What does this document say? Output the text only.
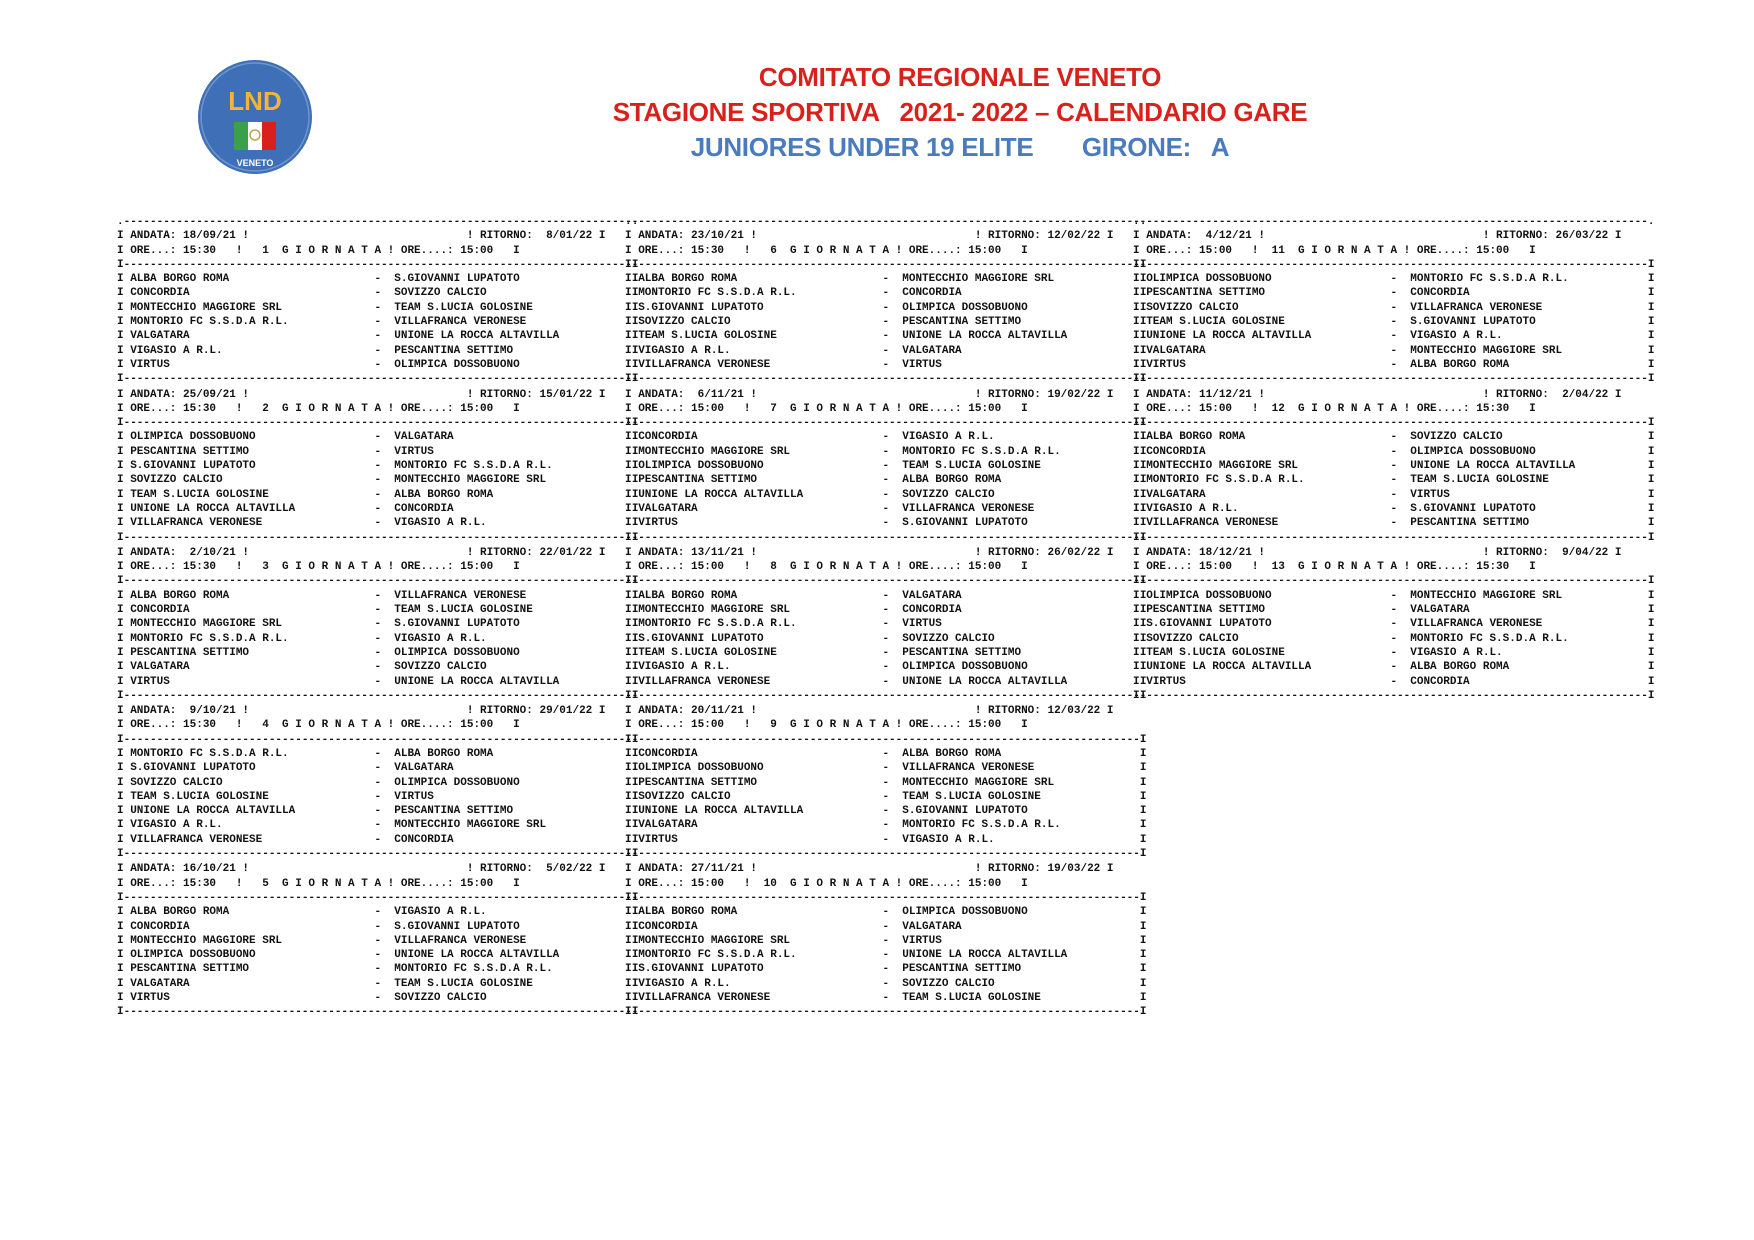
LND
VENETO
COMITATO REGIONALE VENETO
STAGIONE SPORTIVA   2021- 2022 – CALENDARIO GARE
JUNIORES UNDER 19 ELITE       GIRONE:   A
.-----------------------------------------------------------------------------.
I ANDATA: 18/09/21 !                                 ! RITORNO:  8/01/22 I
I ORE...: 15:30   !   1  G I O R N A T A ! ORE....: 15:00   I
I-----------------------------------------------------------------------------I
I ALBA BORGO ROMA                      -  S.GIOVANNI LUPATOTO                 I
I CONCORDIA                            -  SOVIZZO CALCIO                      I
I MONTECCHIO MAGGIORE SRL              -  TEAM S.LUCIA GOLOSINE               I
I MONTORIO FC S.S.D.A R.L.             -  VILLAFRANCA VERONESE                I
I VALGATARA                            -  UNIONE LA ROCCA ALTAVILLA           I
I VIGASIO A R.L.                       -  PESCANTINA SETTIMO                  I
I VIRTUS                               -  OLIMPICA DOSSOBUONO                 I
I-----------------------------------------------------------------------------I
I ANDATA: 25/09/21 !                                 ! RITORNO: 15/01/22 I
I ORE...: 15:30   !   2  G I O R N A T A ! ORE....: 15:00   I
I-----------------------------------------------------------------------------I
I OLIMPICA DOSSOBUONO                  -  VALGATARA                           I
I PESCANTINA SETTIMO                   -  VIRTUS                              I
I S.GIOVANNI LUPATOTO                  -  MONTORIO FC S.S.D.A R.L.            I
I SOVIZZO CALCIO                       -  MONTECCHIO MAGGIORE SRL             I
I TEAM S.LUCIA GOLOSINE                -  ALBA BORGO ROMA                     I
I UNIONE LA ROCCA ALTAVILLA            -  CONCORDIA                           I
I VILLAFRANCA VERONESE                 -  VIGASIO A R.L.                      I
I-----------------------------------------------------------------------------I
I ANDATA:  2/10/21 !                                 ! RITORNO: 22/01/22 I
I ORE...: 15:30   !   3  G I O R N A T A ! ORE....: 15:00   I
I-----------------------------------------------------------------------------I
I ALBA BORGO ROMA                      -  VILLAFRANCA VERONESE                I
I CONCORDIA                            -  TEAM S.LUCIA GOLOSINE               I
I MONTECCHIO MAGGIORE SRL              -  S.GIOVANNI LUPATOTO                 I
I MONTORIO FC S.S.D.A R.L.             -  VIGASIO A R.L.                      I
I PESCANTINA SETTIMO                   -  OLIMPICA DOSSOBUONO                 I
I VALGATARA                            -  SOVIZZO CALCIO                      I
I VIRTUS                               -  UNIONE LA ROCCA ALTAVILLA           I
I-----------------------------------------------------------------------------I
I ANDATA:  9/10/21 !                                 ! RITORNO: 29/01/22 I
I ORE...: 15:30   !   4  G I O R N A T A ! ORE....: 15:00   I
I-----------------------------------------------------------------------------I
I MONTORIO FC S.S.D.A R.L.             -  ALBA BORGO ROMA                     I
I S.GIOVANNI LUPATOTO                  -  VALGATARA                           I
I SOVIZZO CALCIO                       -  OLIMPICA DOSSOBUONO                 I
I TEAM S.LUCIA GOLOSINE                -  VIRTUS                              I
I UNIONE LA ROCCA ALTAVILLA            -  PESCANTINA SETTIMO                  I
I VIGASIO A R.L.                       -  MONTECCHIO MAGGIORE SRL             I
I VILLAFRANCA VERONESE                 -  CONCORDIA                           I
I-----------------------------------------------------------------------------I
I ANDATA: 16/10/21 !                                 ! RITORNO:  5/02/22 I
I ORE...: 15:30   !   5  G I O R N A T A ! ORE....: 15:00   I
I-----------------------------------------------------------------------------I
I ALBA BORGO ROMA                      -  VIGASIO A R.L.                      I
I CONCORDIA                            -  S.GIOVANNI LUPATOTO                 I
I MONTECCHIO MAGGIORE SRL              -  VILLAFRANCA VERONESE                I
I OLIMPICA DOSSOBUONO                  -  UNIONE LA ROCCA ALTAVILLA           I
I PESCANTINA SETTIMO                   -  MONTORIO FC S.S.D.A R.L.            I
I VALGATARA                            -  TEAM S.LUCIA GOLOSINE               I
I VIRTUS                               -  SOVIZZO CALCIO                      I
I-----------------------------------------------------------------------------I
.-----------------------------------------------------------------------------.
I ANDATA: 23/10/21 !                                 ! RITORNO: 12/02/22 I
I ORE...: 15:30   !   6  G I O R N A T A ! ORE....: 15:00   I
I-----------------------------------------------------------------------------I
I ALBA BORGO ROMA                      -  MONTECCHIO MAGGIORE SRL             I
I MONTORIO FC S.S.D.A R.L.             -  CONCORDIA                           I
I S.GIOVANNI LUPATOTO                  -  OLIMPICA DOSSOBUONO                 I
I SOVIZZO CALCIO                       -  PESCANTINA SETTIMO                  I
I TEAM S.LUCIA GOLOSINE                -  UNIONE LA ROCCA ALTAVILLA           I
I VIGASIO A R.L.                       -  VALGATARA                           I
I VILLAFRANCA VERONESE                 -  VIRTUS                              I
I-----------------------------------------------------------------------------I
I ANDATA:  6/11/21 !                                 ! RITORNO: 19/02/22 I
I ORE...: 15:00   !   7  G I O R N A T A ! ORE....: 15:00   I
I-----------------------------------------------------------------------------I
I CONCORDIA                            -  VIGASIO A R.L.                      I
I MONTECCHIO MAGGIORE SRL              -  MONTORIO FC S.S.D.A R.L.            I
I OLIMPICA DOSSOBUONO                  -  TEAM S.LUCIA GOLOSINE               I
I PESCANTINA SETTIMO                   -  ALBA BORGO ROMA                     I
I UNIONE LA ROCCA ALTAVILLA            -  SOVIZZO CALCIO                      I
I VALGATARA                            -  VILLAFRANCA VERONESE                I
I VIRTUS                               -  S.GIOVANNI LUPATOTO                 I
I-----------------------------------------------------------------------------I
I ANDATA: 13/11/21 !                                 ! RITORNO: 26/02/22 I
I ORE...: 15:00   !   8  G I O R N A T A ! ORE....: 15:00   I
I-----------------------------------------------------------------------------I
I ALBA BORGO ROMA                      -  VALGATARA                           I
I MONTECCHIO MAGGIORE SRL              -  CONCORDIA                           I
I MONTORIO FC S.S.D.A R.L.             -  VIRTUS                              I
I S.GIOVANNI LUPATOTO                  -  SOVIZZO CALCIO                      I
I TEAM S.LUCIA GOLOSINE                -  PESCANTINA SETTIMO                  I
I VIGASIO A R.L.                       -  OLIMPICA DOSSOBUONO                 I
I VILLAFRANCA VERONESE                 -  UNIONE LA ROCCA ALTAVILLA           I
I-----------------------------------------------------------------------------I
I ANDATA: 20/11/21 !                                 ! RITORNO: 12/03/22 I
I ORE...: 15:00   !   9  G I O R N A T A ! ORE....: 15:00   I
I-----------------------------------------------------------------------------I
I CONCORDIA                            -  ALBA BORGO ROMA                     I
I OLIMPICA DOSSOBUONO                  -  VILLAFRANCA VERONESE                I
I PESCANTINA SETTIMO                   -  MONTECCHIO MAGGIORE SRL             I
I SOVIZZO CALCIO                       -  TEAM S.LUCIA GOLOSINE               I
I UNIONE LA ROCCA ALTAVILLA            -  S.GIOVANNI LUPATOTO                 I
I VALGATARA                            -  MONTORIO FC S.S.D.A R.L.            I
I VIRTUS                               -  VIGASIO A R.L.                      I
I-----------------------------------------------------------------------------I
I ANDATA: 27/11/21 !                                 ! RITORNO: 19/03/22 I
I ORE...: 15:00   !  10  G I O R N A T A ! ORE....: 15:00   I
I-----------------------------------------------------------------------------I
I ALBA BORGO ROMA                      -  OLIMPICA DOSSOBUONO                 I
I CONCORDIA                            -  VALGATARA                           I
I MONTECCHIO MAGGIORE SRL              -  VIRTUS                              I
I MONTORIO FC S.S.D.A R.L.             -  UNIONE LA ROCCA ALTAVILLA           I
I S.GIOVANNI LUPATOTO                  -  PESCANTINA SETTIMO                  I
I VIGASIO A R.L.                       -  SOVIZZO CALCIO                      I
I VILLAFRANCA VERONESE                 -  TEAM S.LUCIA GOLOSINE               I
I-----------------------------------------------------------------------------I
.-----------------------------------------------------------------------------.
I ANDATA:  4/12/21 !                                 ! RITORNO: 26/03/22 I
I ORE...: 15:00   !  11  G I O R N A T A ! ORE....: 15:00   I
I-----------------------------------------------------------------------------I
I OLIMPICA DOSSOBUONO                  -  MONTORIO FC S.S.D.A R.L.            I
I PESCANTINA SETTIMO                   -  CONCORDIA                           I
I SOVIZZO CALCIO                       -  VILLAFRANCA VERONESE                I
I TEAM S.LUCIA GOLOSINE                -  S.GIOVANNI LUPATOTO                 I
I UNIONE LA ROCCA ALTAVILLA            -  VIGASIO A R.L.                      I
I VALGATARA                            -  MONTECCHIO MAGGIORE SRL             I
I VIRTUS                               -  ALBA BORGO ROMA                     I
I-----------------------------------------------------------------------------I
I ANDATA: 11/12/21 !                                 ! RITORNO:  2/04/22 I
I ORE...: 15:00   !  12  G I O R N A T A ! ORE....: 15:30   I
I-----------------------------------------------------------------------------I
I ALBA BORGO ROMA                      -  SOVIZZO CALCIO                      I
I CONCORDIA                            -  OLIMPICA DOSSOBUONO                 I
I MONTECCHIO MAGGIORE SRL              -  UNIONE LA ROCCA ALTAVILLA           I
I MONTORIO FC S.S.D.A R.L.             -  TEAM S.LUCIA GOLOSINE               I
I VALGATARA                            -  VIRTUS                              I
I VIGASIO A R.L.                       -  S.GIOVANNI LUPATOTO                 I
I VILLAFRANCA VERONESE                 -  PESCANTINA SETTIMO                  I
I-----------------------------------------------------------------------------I
I ANDATA: 18/12/21 !                                 ! RITORNO:  9/04/22 I
I ORE...: 15:00   !  13  G I O R N A T A ! ORE....: 15:30   I
I-----------------------------------------------------------------------------I
I OLIMPICA DOSSOBUONO                  -  MONTECCHIO MAGGIORE SRL             I
I PESCANTINA SETTIMO                   -  VALGATARA                           I
I S.GIOVANNI LUPATOTO                  -  VILLAFRANCA VERONESE                I
I SOVIZZO CALCIO                       -  MONTORIO FC S.S.D.A R.L.            I
I TEAM S.LUCIA GOLOSINE                -  VIGASIO A R.L.                      I
I UNIONE LA ROCCA ALTAVILLA            -  ALBA BORGO ROMA                     I
I VIRTUS                               -  CONCORDIA                           I
I-----------------------------------------------------------------------------I
